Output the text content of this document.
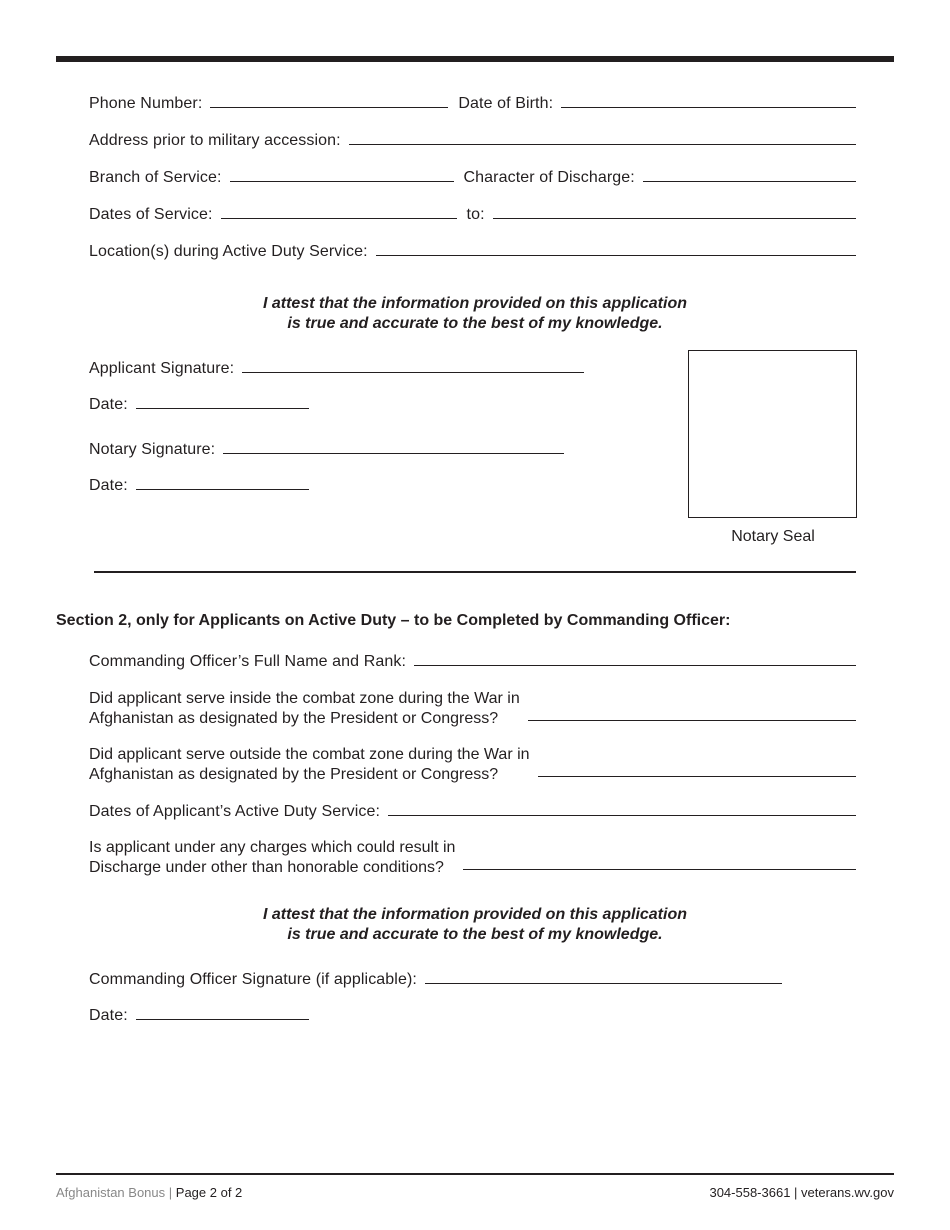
Phone Number:	Date of Birth:
Address prior to military accession:
Branch of Service:	Character of Discharge:
Dates of Service:	to:
Location(s) during Active Duty Service:
I attest that the information provided on this application
is true and accurate to the best of my knowledge.
Applicant Signature:
Date:
Notary Signature:
Date:
Notary Seal
Section 2, only for Applicants on Active Duty – to be Completed by Commanding Officer:
Commanding Officer’s Full Name and Rank:
Did applicant serve inside the combat zone during the War in
Afghanistan as designated by the President or Congress?
Did applicant serve outside the combat zone during the War in
Afghanistan as designated by the President or Congress?
Dates of Applicant’s Active Duty Service:
Is applicant under any charges which could result in
Discharge under other than honorable conditions?
I attest that the information provided on this application
is true and accurate to the best of my knowledge.
Commanding Officer Signature (if applicable):
Date:
Afghanistan Bonus | Page 2 of 2	304-558-3661 | veterans.wv.gov
